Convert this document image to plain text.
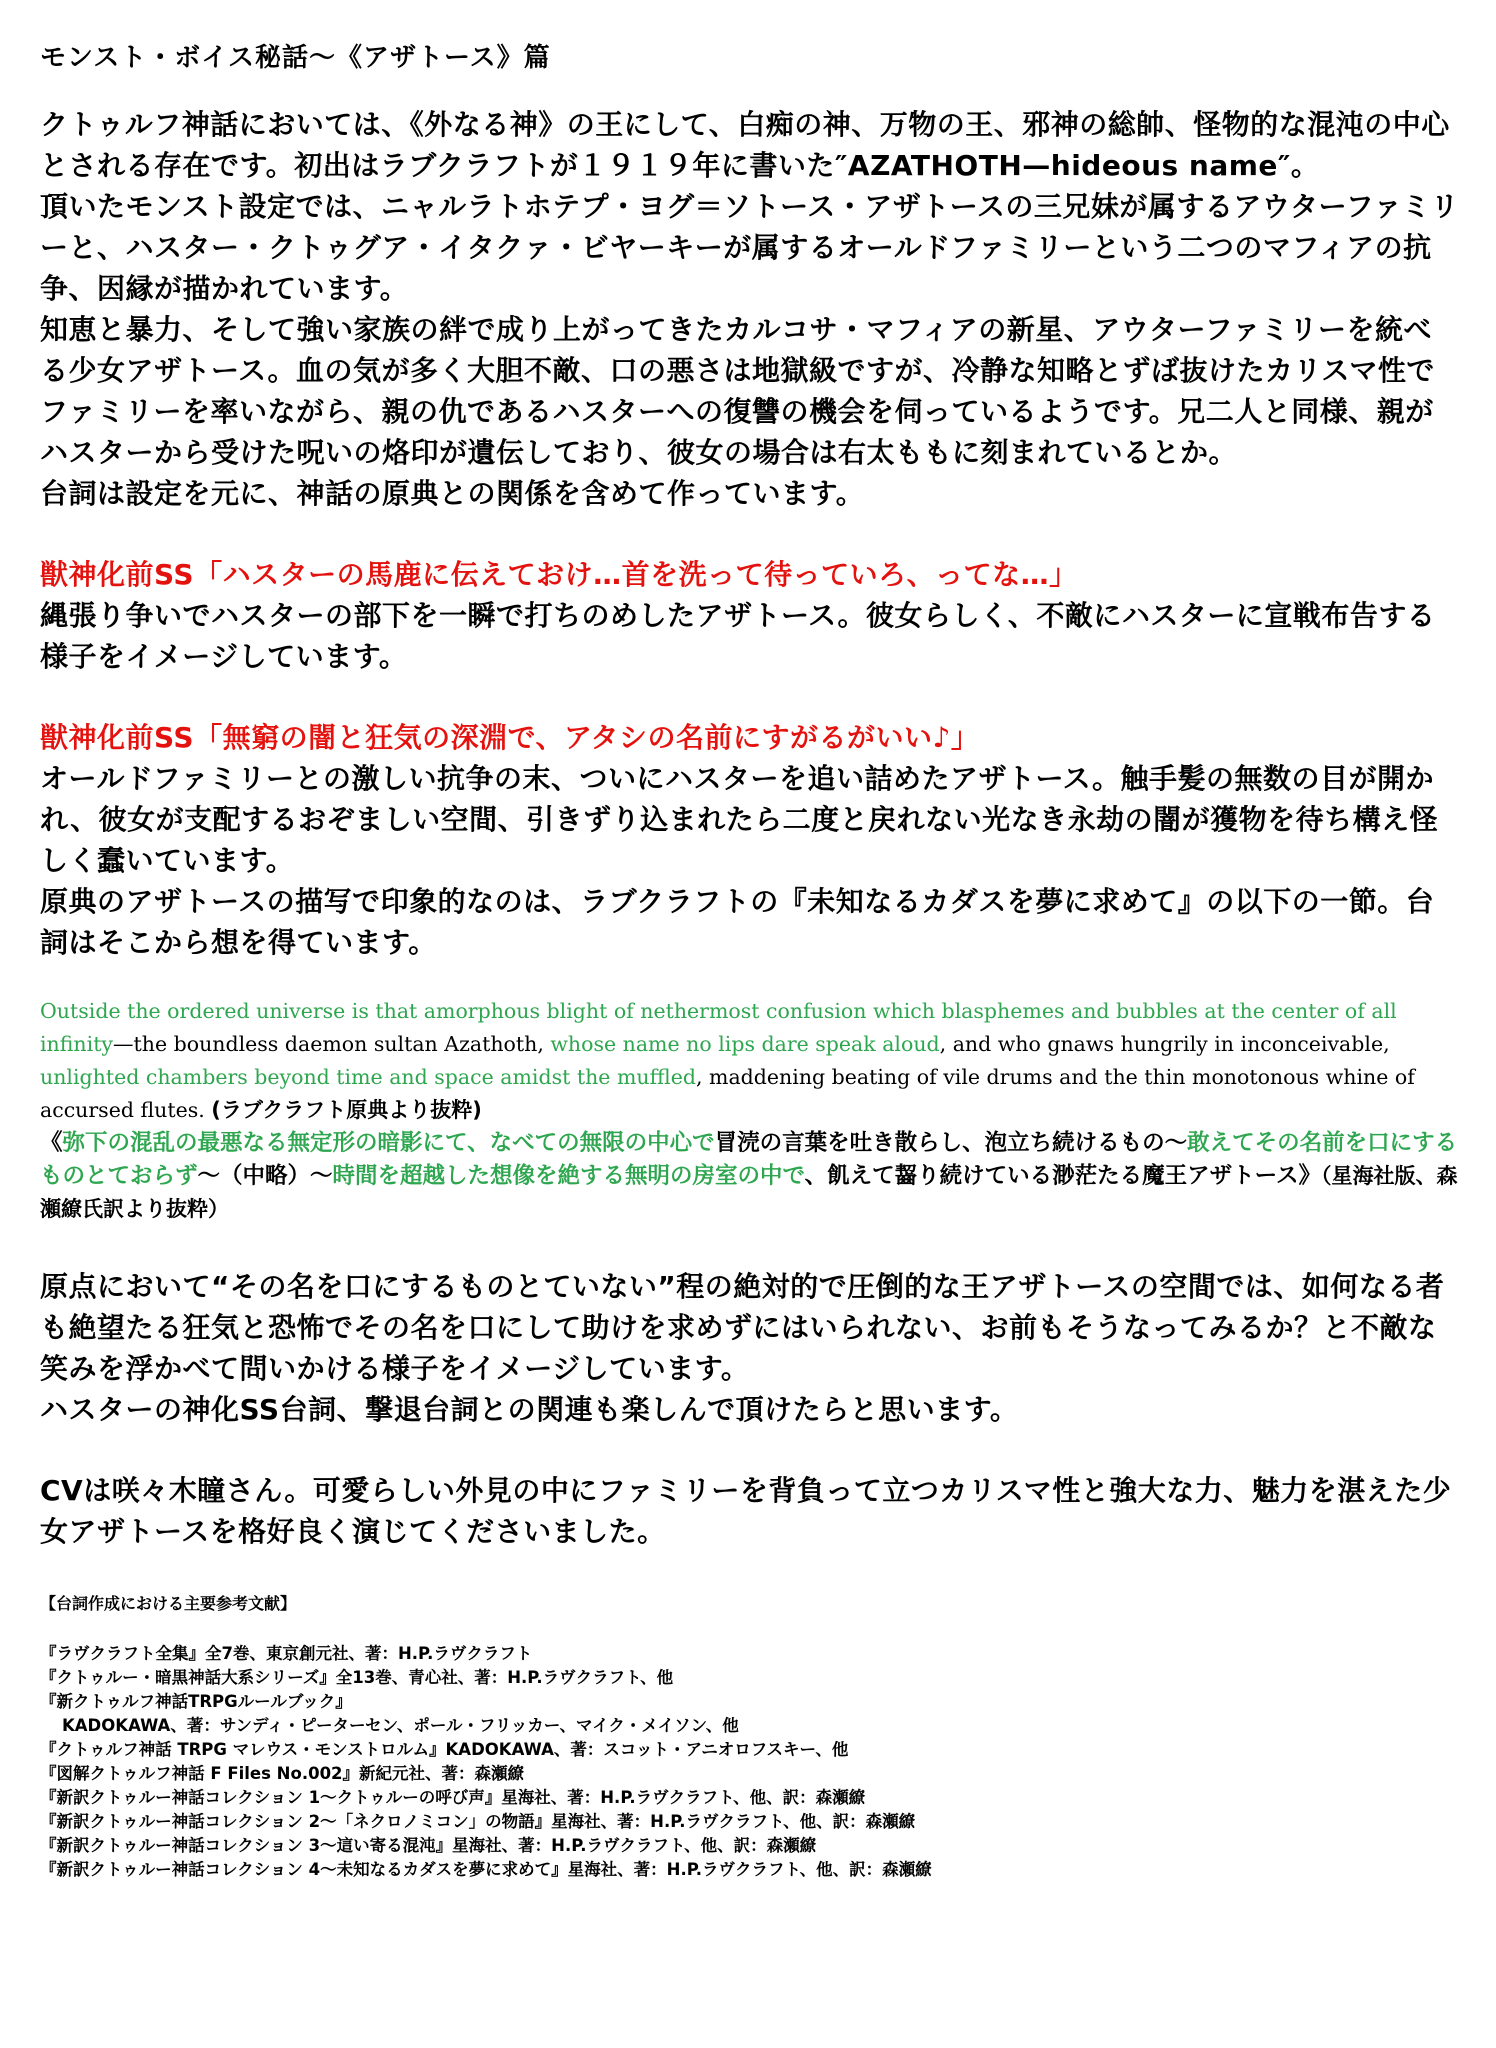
モンスト・ボイス秘話～《アザトース》篇

クトゥルフ神話においては、《外なる神》の王にして、白痴の神、万物の王、邪神の総帥、怪物的な混沌の中心とされる存在です。初出はラブクラフトが１９１９年に書いた″AZATHOTH—hideous name″。

頂いたモンスト設定では、ニャルラトホテプ・ヨグ＝ソトース・アザトースの三兄妹が属するアウターファミリーと、ハスター・クトゥグア・イタクァ・ビヤーキーが属するオールドファミリーという二つのマフィアの抗争、因縁が描かれています。

知恵と暴力、そして強い家族の絆で成り上がってきたカルコサ・マフィアの新星、アウターファミリーを統べる少女アザトース。血の気が多く大胆不敵、口の悪さは地獄級ですが、冷静な知略とずば抜けたカリスマ性でファミリーを率いながら、親の仇であるハスターへの復讐の機会を伺っているようです。兄二人と同様、親がハスターから受けた呪いの烙印が遺伝しており、彼女の場合は右太ももに刻まれているとか。

台詞は設定を元に、神話の原典との関係を含めて作っています。

獣神化前SS「ハスターの馬鹿に伝えておけ…首を洗って待っていろ、ってな…」

縄張り争いでハスターの部下を一瞬で打ちのめしたアザトース。彼女らしく、不敵にハスターに宣戦布告する様子をイメージしています。

獣神化前SS「無窮の闇と狂気の深淵で、アタシの名前にすがるがいい♪」

オールドファミリーとの激しい抗争の末、ついにハスターを追い詰めたアザトース。触手髪の無数の目が開かれ、彼女が支配するおぞましい空間、引きずり込まれたら二度と戻れない光なき永劫の闇が獲物を待ち構え怪しく蠢いています。

原典のアザトースの描写で印象的なのは、ラブクラフトの『未知なるカダスを夢に求めて』の以下の一節。台詞はそこから想を得ています。

Outside the ordered universe is that amorphous blight of nethermost confusion which blasphemes and bubbles at the center of all infinity—the boundless daemon sultan Azathoth, whose name no lips dare speak aloud, and who gnaws hungrily in inconceivable, unlighted chambers beyond time and space amidst the muffled, maddening beating of vile drums and the thin monotonous whine of accursed flutes. (ラブクラフト原典より抜粋)

《弥下の混乱の最悪なる無定形の暗影にて、なべての無限の中心で冒涜の言葉を吐き散らし、泡立ち続けるもの～敢えてその名前を口にするものとておらず～（中略）～時間を超越した想像を絶する無明の房室の中で、飢えて齧り続けている渺茫たる魔王アザトース》（星海社版、森瀬繚氏訳より抜粋）

原点において“その名を口にするものとていない”程の絶対的で圧倒的な王アザトースの空間では、如何なる者も絶望たる狂気と恐怖でその名を口にして助けを求めずにはいられない、お前もそうなってみるか？と不敵な笑みを浮かべて問いかける様子をイメージしています。

ハスターの神化SS台詞、撃退台詞との関連も楽しんで頂けたらと思います。

CVは咲々木瞳さん。可愛らしい外見の中にファミリーを背負って立つカリスマ性と強大な力、魅力を湛えた少女アザトースを格好良く演じてくださいました。

【台詞作成における主要参考文献】

『ラヴクラフト全集』全7巻、東京創元社、著：H.P.ラヴクラフト
『クトゥルー・暗黒神話大系シリーズ』全13巻、青心社、著：H.P.ラヴクラフト、他
『新クトゥルフ神話TRPGルールブック』
KADOKAWA、著：サンディ・ピーターセン、ポール・フリッカー、マイク・メイソン、他
『クトゥルフ神話 TRPG マレウス・モンストロルム』KADOKAWA、著：スコット・アニオロフスキー、他
『図解クトゥルフ神話 F Files No.002』新紀元社、著：森瀬繚
『新訳クトゥルー神話コレクション 1～クトゥルーの呼び声』星海社、著：H.P.ラヴクラフト、他、訳：森瀬繚
『新訳クトゥルー神話コレクション 2～「ネクロノミコン」の物語』星海社、著：H.P.ラヴクラフト、他、訳：森瀬繚
『新訳クトゥルー神話コレクション 3～這い寄る混沌』星海社、著：H.P.ラヴクラフト、他、訳：森瀬繚
『新訳クトゥルー神話コレクション 4～未知なるカダスを夢に求めて』星海社、著：H.P.ラヴクラフト、他、訳：森瀬繚
